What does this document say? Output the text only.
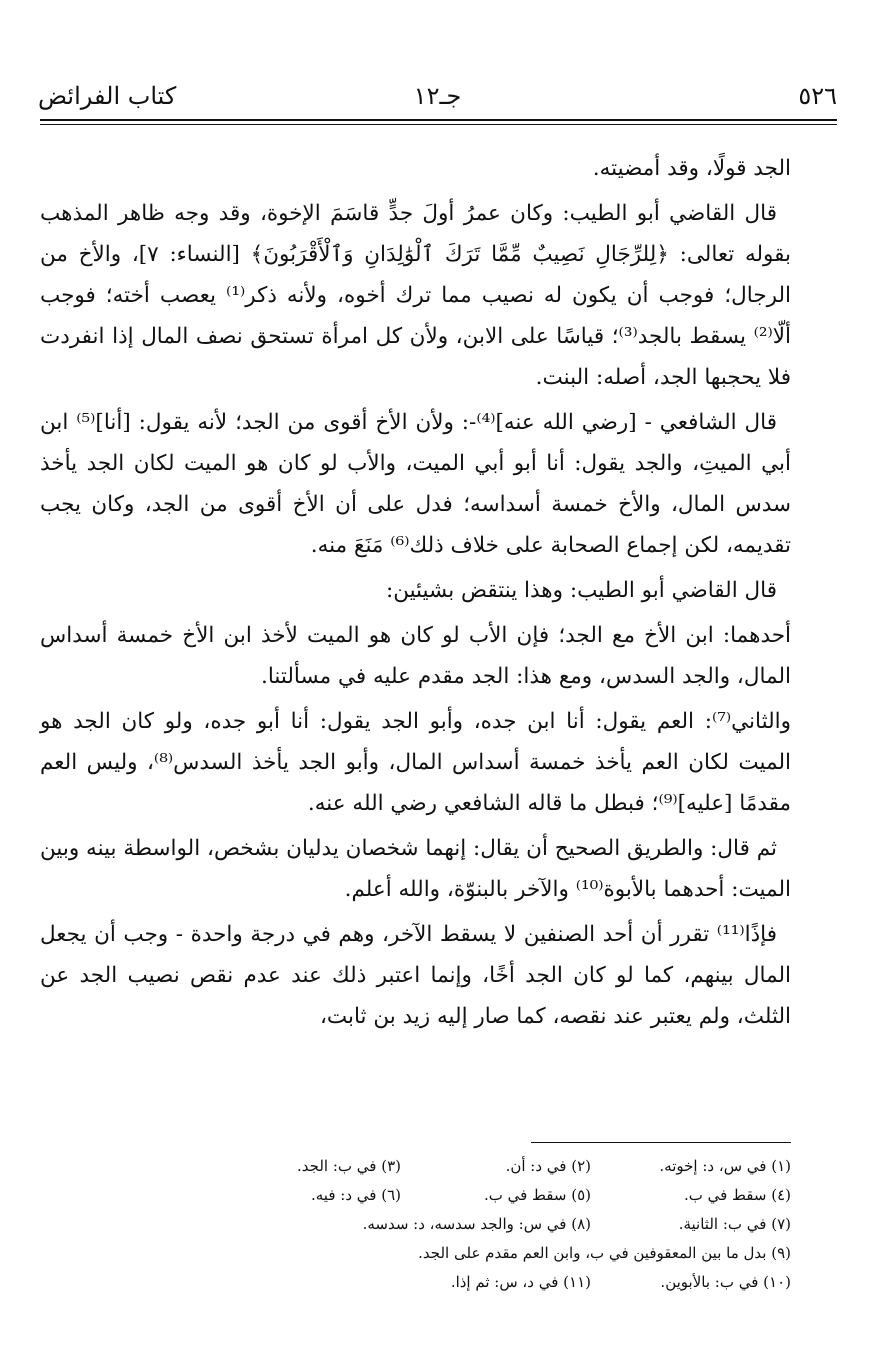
٥٢٦
جـ١٢
كتاب الفرائض

الجد قولًا، وقد أمضيته.

قال القاضي أبو الطيب: وكان عمرُ أولَ جدٍّ قاسَمَ الإخوة، وقد وجه ظاهر المذهب بقوله تعالى: ﴿لِلرِّجَالِ نَصِيبٌ مِّمَّا تَرَكَ ٱلْوَٰلِدَانِ وَٱلْأَقْرَبُونَ﴾ [النساء: ٧]، والأخ من الرجال؛ فوجب أن يكون له نصيب مما ترك أخوه، ولأنه ذكر⁽¹⁾ يعصب أخته؛ فوجب ألّا⁽²⁾ يسقط بالجد⁽³⁾؛ قياسًا على الابن، ولأن كل امرأة تستحق نصف المال إذا انفردت فلا يحجبها الجد، أصله: البنت.

قال الشافعي - [رضي الله عنه]⁽⁴⁾-: ولأن الأخ أقوى من الجد؛ لأنه يقول: [أنا]⁽⁵⁾ ابن أبي الميتِ، والجد يقول: أنا أبو أبي الميت، والأب لو كان هو الميت لكان الجد يأخذ سدس المال، والأخ خمسة أسداسه؛ فدل على أن الأخ أقوى من الجد، وكان يجب تقديمه، لكن إجماع الصحابة على خلاف ذلك⁽⁶⁾ مَنَعَ منه.

قال القاضي أبو الطيب: وهذا ينتقض بشيئين:

أحدهما: ابن الأخ مع الجد؛ فإن الأب لو كان هو الميت لأخذ ابن الأخ خمسة أسداس المال، والجد السدس، ومع هذا: الجد مقدم عليه في مسألتنا.

والثاني⁽⁷⁾: العم يقول: أنا ابن جده، وأبو الجد يقول: أنا أبو جده، ولو كان الجد هو الميت لكان العم يأخذ خمسة أسداس المال، وأبو الجد يأخذ السدس⁽⁸⁾، وليس العم مقدمًا [عليه]⁽⁹⁾؛ فبطل ما قاله الشافعي رضي الله عنه.

ثم قال: والطريق الصحيح أن يقال: إنهما شخصان يدليان بشخص، الواسطة بينه وبين الميت: أحدهما بالأبوة⁽¹⁰⁾ والآخر بالبنوّة، والله أعلم.

فإذًا⁽¹¹⁾ تقرر أن أحد الصنفين لا يسقط الآخر، وهم في درجة واحدة - وجب أن يجعل المال بينهم، كما لو كان الجد أخًا، وإنما اعتبر ذلك عند عدم نقص نصيب الجد عن الثلث، ولم يعتبر عند نقصه، كما صار إليه زيد بن ثابت،

(١) في س، د: إخوته.
(٢) في د: أن.
(٣) في ب: الجد.
(٤) سقط في ب.
(٥) سقط في ب.
(٦) في د: فيه.
(٧) في ب: الثانية.
(٨) في س: والجد سدسه، د: سدسه.
(٩) بدل ما بين المعقوفين في ب، وابن العم مقدم على الجد.
(١٠) في ب: بالأبوين.
(١١) في د، س: ثم إذا.
